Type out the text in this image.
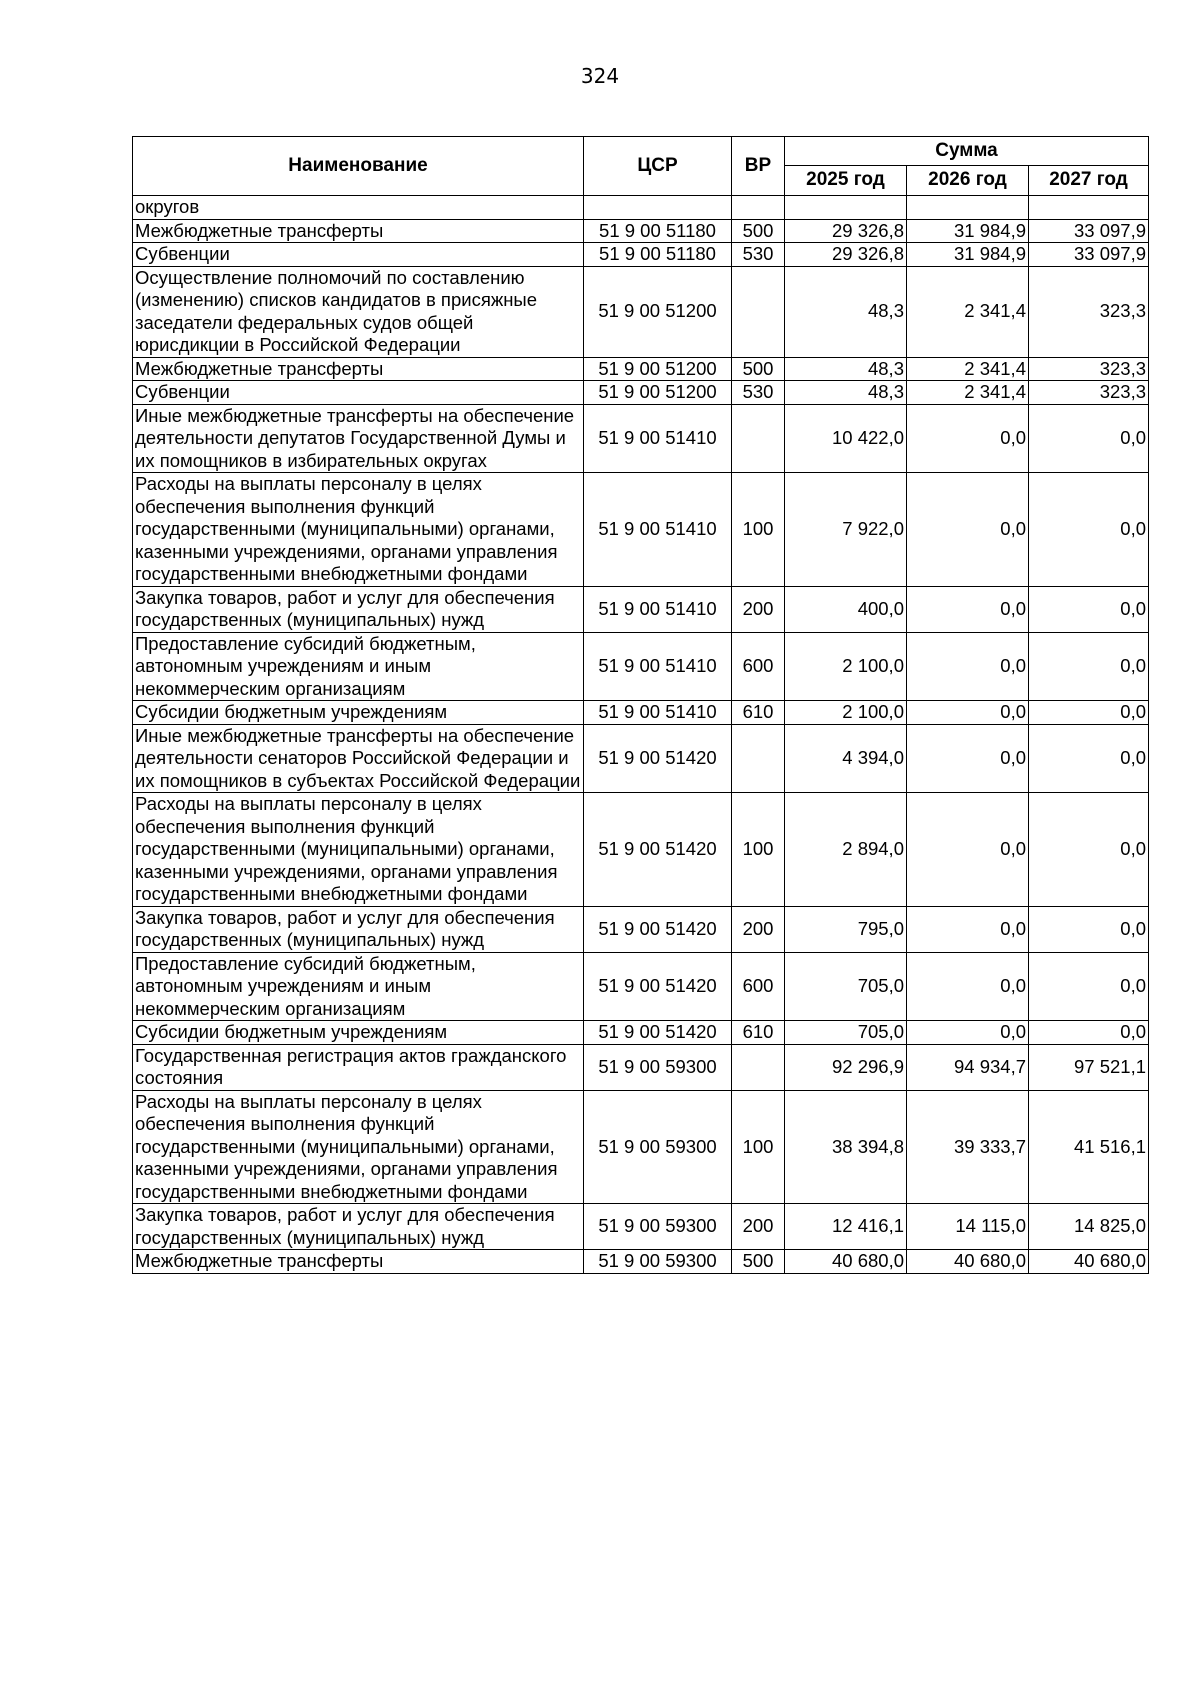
324
Наименование	ЦСР	ВР	Сумма		
			2025 год	2026 год	2027 год
округов					
Межбюджетные трансферты	51 9 00 51180	500	29 326,8	31 984,9	33 097,9
Субвенции	51 9 00 51180	530	29 326,8	31 984,9	33 097,9
Осуществление полномочий по составлению (изменению) списков кандидатов в присяжные заседатели федеральных судов общей юрисдикции в Российской Федерации	51 9 00 51200		48,3	2 341,4	323,3
Межбюджетные трансферты	51 9 00 51200	500	48,3	2 341,4	323,3
Субвенции	51 9 00 51200	530	48,3	2 341,4	323,3
Иные межбюджетные трансферты на обеспечение деятельности депутатов Государственной Думы и их помощников в избирательных округах	51 9 00 51410		10 422,0	0,0	0,0
Расходы на выплаты персоналу в целях обеспечения выполнения функций государственными (муниципальными) органами, казенными учреждениями, органами управления государственными внебюджетными фондами	51 9 00 51410	100	7 922,0	0,0	0,0
Закупка товаров, работ и услуг для обеспечения государственных (муниципальных) нужд	51 9 00 51410	200	400,0	0,0	0,0
Предоставление субсидий бюджетным, автономным учреждениям и иным некоммерческим организациям	51 9 00 51410	600	2 100,0	0,0	0,0
Субсидии бюджетным учреждениям	51 9 00 51410	610	2 100,0	0,0	0,0
Иные межбюджетные трансферты на обеспечение деятельности сенаторов Российской Федерации и их помощников в субъектах Российской Федерации	51 9 00 51420		4 394,0	0,0	0,0
Расходы на выплаты персоналу в целях обеспечения выполнения функций государственными (муниципальными) органами, казенными учреждениями, органами управления государственными внебюджетными фондами	51 9 00 51420	100	2 894,0	0,0	0,0
Закупка товаров, работ и услуг для обеспечения государственных (муниципальных) нужд	51 9 00 51420	200	795,0	0,0	0,0
Предоставление субсидий бюджетным, автономным учреждениям и иным некоммерческим организациям	51 9 00 51420	600	705,0	0,0	0,0
Субсидии бюджетным учреждениям	51 9 00 51420	610	705,0	0,0	0,0
Государственная регистрация актов гражданского состояния	51 9 00 59300		92 296,9	94 934,7	97 521,1
Расходы на выплаты персоналу в целях обеспечения выполнения функций государственными (муниципальными) органами, казенными учреждениями, органами управления государственными внебюджетными фондами	51 9 00 59300	100	38 394,8	39 333,7	41 516,1
Закупка товаров, работ и услуг для обеспечения государственных (муниципальных) нужд	51 9 00 59300	200	12 416,1	14 115,0	14 825,0
Межбюджетные трансферты	51 9 00 59300	500	40 680,0	40 680,0	40 680,0
